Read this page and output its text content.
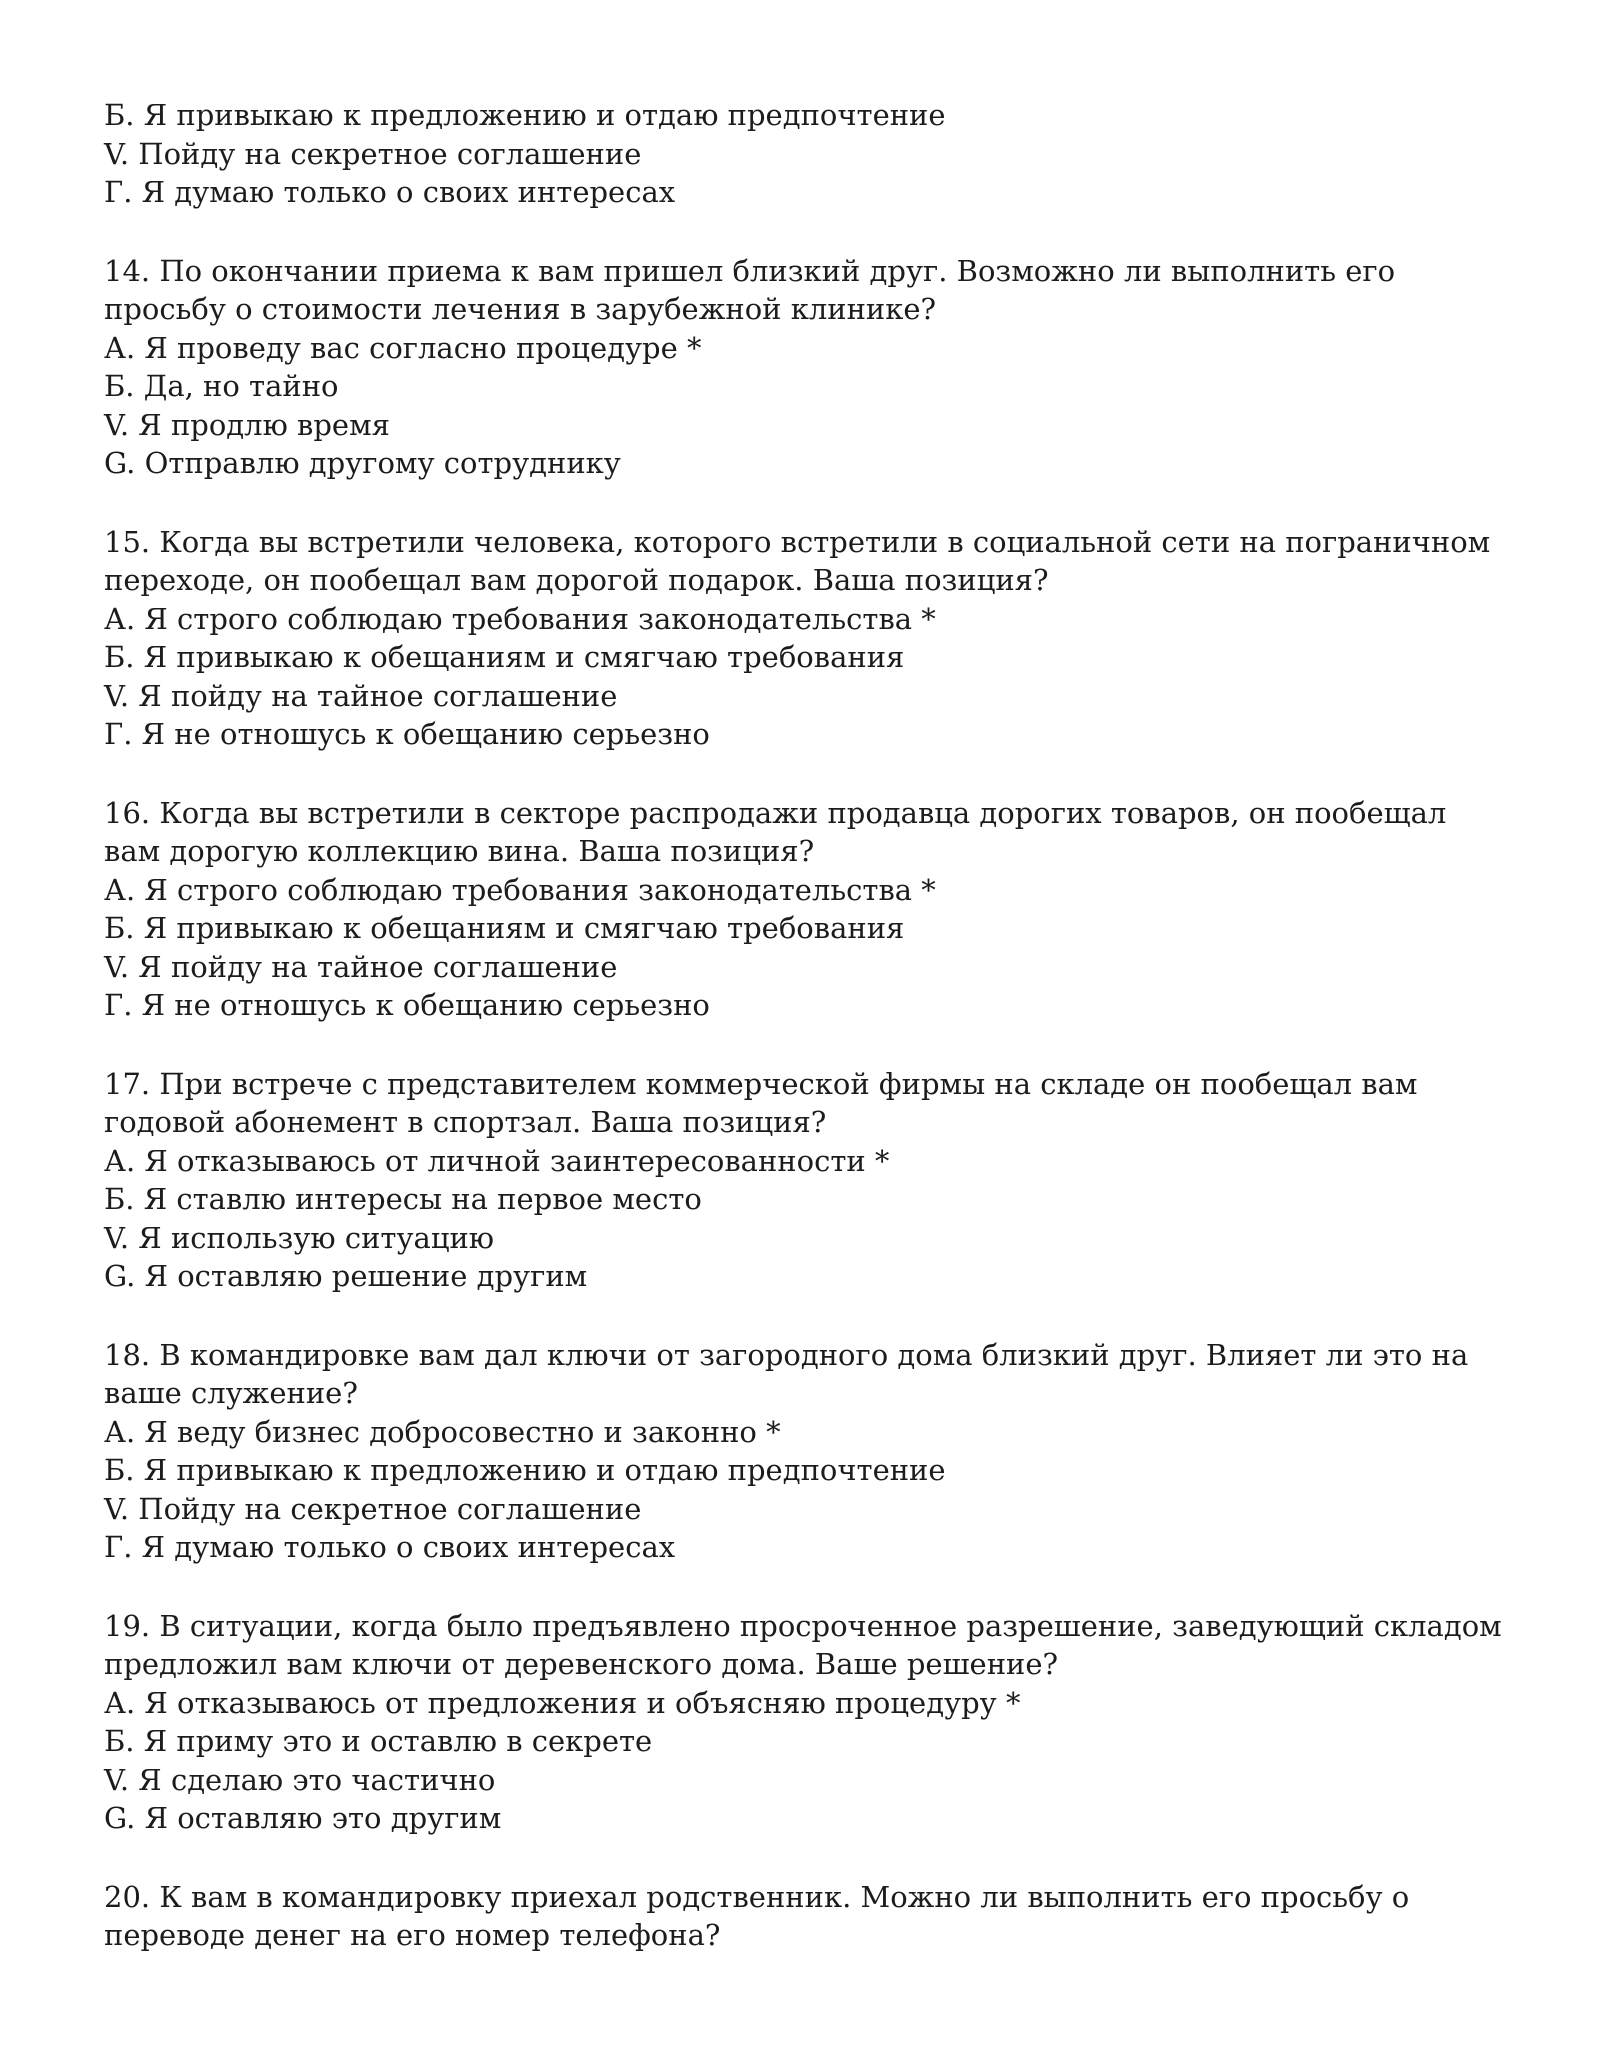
Б. Я привыкаю к предложению и отдаю предпочтение
V. Пойду на секретное соглашение
Г. Я думаю только о своих интересах
14. По окончании приема к вам пришел близкий друг. Возможно ли выполнить его просьбу о стоимости лечения в зарубежной клинике?
А. Я проведу вас согласно процедуре *
Б. Да, но тайно
V. Я продлю время
G. Отправлю другому сотруднику
15. Когда вы встретили человека, которого встретили в социальной сети на пограничном переходе, он пообещал вам дорогой подарок. Ваша позиция?
А. Я строго соблюдаю требования законодательства *
Б. Я привыкаю к обещаниям и смягчаю требования
V. Я пойду на тайное соглашение
Г. Я не отношусь к обещанию серьезно
16. Когда вы встретили в секторе распродажи продавца дорогих товаров, он пообещал вам дорогую коллекцию вина. Ваша позиция?
А. Я строго соблюдаю требования законодательства *
Б. Я привыкаю к обещаниям и смягчаю требования
V. Я пойду на тайное соглашение
Г. Я не отношусь к обещанию серьезно
17. При встрече с представителем коммерческой фирмы на складе он пообещал вам годовой абонемент в спортзал. Ваша позиция?
А. Я отказываюсь от личной заинтересованности *
Б. Я ставлю интересы на первое место
V. Я использую ситуацию
G. Я оставляю решение другим
18. В командировке вам дал ключи от загородного дома близкий друг. Влияет ли это на ваше служение?
А. Я веду бизнес добросовестно и законно *
Б. Я привыкаю к предложению и отдаю предпочтение
V. Пойду на секретное соглашение
Г. Я думаю только о своих интересах
19. В ситуации, когда было предъявлено просроченное разрешение, заведующий складом предложил вам ключи от деревенского дома. Ваше решение?
А. Я отказываюсь от предложения и объясняю процедуру *
Б. Я приму это и оставлю в секрете
V. Я сделаю это частично
G. Я оставляю это другим
20. К вам в командировку приехал родственник. Можно ли выполнить его просьбу о переводе денег на его номер телефона?
